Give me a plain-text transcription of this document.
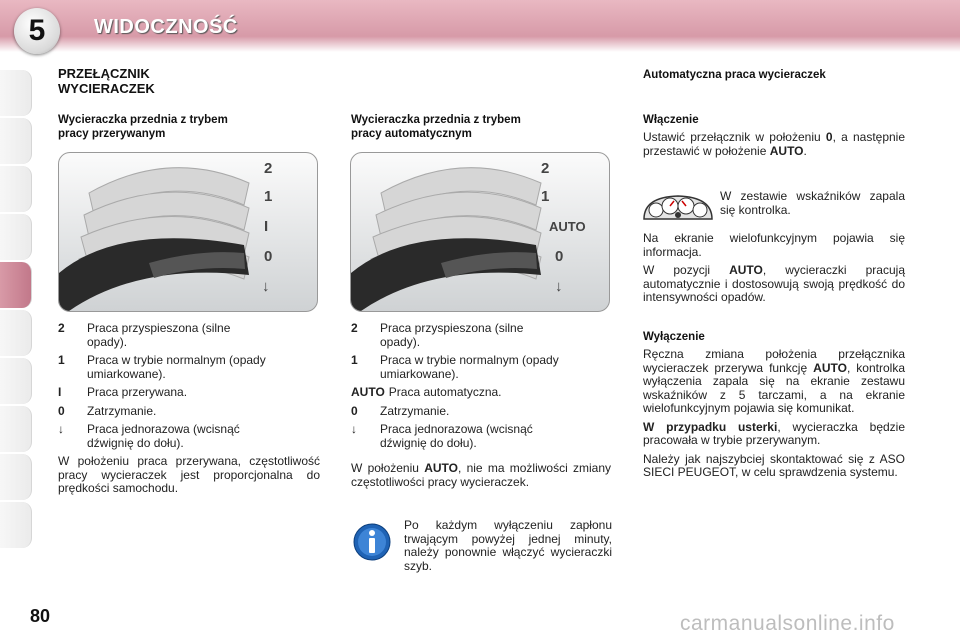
5	WIDOCZNOŚĆ
PRZEŁĄCZNIK
WYCIERACZEK
Wycieraczka przednia z trybem
pracy przerywanym
2
1
I
0
↓
2	Praca przyspieszona (silne opady).
1	Praca w trybie normalnym (opady umiarkowane).
I	Praca przerywana.
0	Zatrzymanie.
↓	Praca jednorazowa (wcisnąć dźwignię do dołu).

W położeniu praca przerywana, częstotliwość pracy wycieraczek jest proporcjonalna do prędkości samochodu.

Wycieraczka przednia z trybem
pracy automatycznym
2
1
AUTO
0
↓
2	Praca przyspieszona (silne opady).
1	Praca w trybie normalnym (opady umiarkowane).
AUTO Praca automatyczna.
0	Zatrzymanie.
↓	Praca jednorazowa (wcisnąć dźwignię do dołu).

W położeniu AUTO, nie ma możliwości zmiany częstotliwości pracy wycieraczek.

Po każdym wyłączeniu zapłonu trwającym powyżej jednej minuty, należy ponownie włączyć wycieraczki szyb.
Automatyczna praca wycieraczek
Włączenie
Ustawić przełącznik w położeniu 0, a następnie przestawić w położenie AUTO.
W zestawie wskaźników zapala się kontrolka.

Na ekranie wielofunkcyjnym pojawia się informacja.

W pozycji AUTO, wycieraczki pracują automatycznie i dostosowują swoją prędkość do intensywności opadów.

Wyłączenie

Ręczna zmiana położenia przełącznika wycieraczek przerywa funkcję AUTO, kontrolka wyłączenia zapala się na ekranie zestawu wskaźników z 5 tarczami, a na ekranie wielofunkcyjnym pojawia się komunikat.

W przypadku usterki, wycieraczka będzie pracowała w trybie przerywanym.

Należy jak najszybciej skontaktować się z ASO SIECI PEUGEOT, w celu sprawdzenia systemu.

80	carmanualsonline.info
